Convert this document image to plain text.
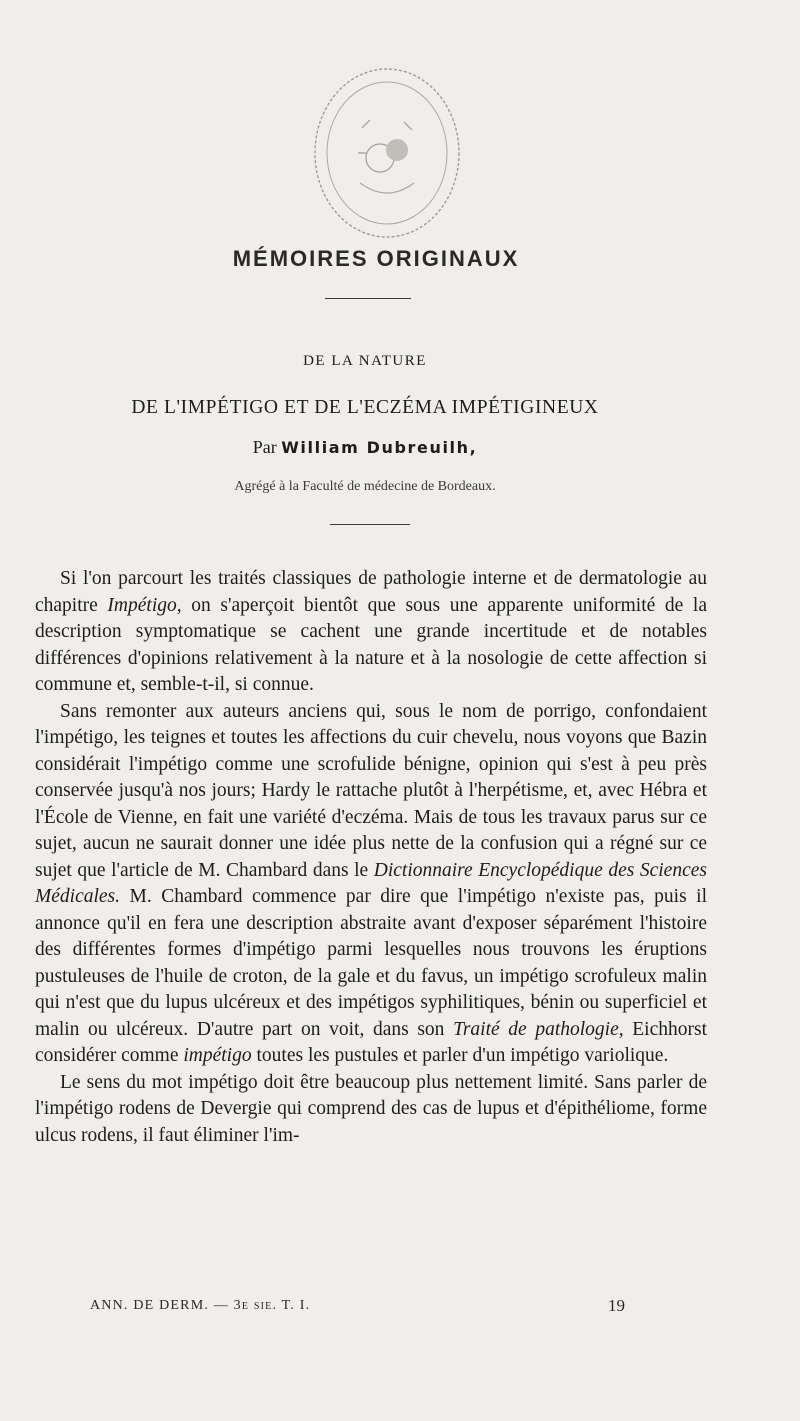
MÉMOIRES ORIGINAUX
DE LA NATURE
DE L'IMPÉTIGO ET DE L'ECZÉMA IMPÉTIGINEUX
Par William Dubreuilh,
Agrégé à la Faculté de médecine de Bordeaux.

Si l'on parcourt les traités classiques de pathologie interne et de dermatologie au chapitre Impétigo, on s'aperçoit bientôt que sous une apparente uniformité de la description symptomatique se cachent une grande incertitude et de notables différences d'opinions relativement à la nature et à la nosologie de cette affection si commune et, semble-t-il, si connue.

Sans remonter aux auteurs anciens qui, sous le nom de porrigo, confondaient l'impétigo, les teignes et toutes les affections du cuir chevelu, nous voyons que Bazin considérait l'impétigo comme une scrofulide bénigne, opinion qui s'est à peu près conservée jusqu'à nos jours; Hardy le rattache plutôt à l'herpétisme, et, avec Hébra et l'École de Vienne, en fait une variété d'eczéma. Mais de tous les travaux parus sur ce sujet, aucun ne saurait donner une idée plus nette de la confusion qui a régné sur ce sujet que l'article de M. Chambard dans le Dictionnaire Encyclopédique des Sciences Médicales. M. Chambard commence par dire que l'impétigo n'existe pas, puis il annonce qu'il en fera une description abstraite avant d'exposer séparément l'histoire des différentes formes d'impétigo parmi lesquelles nous trouvons les éruptions pustuleuses de l'huile de croton, de la gale et du favus, un impétigo scrofuleux malin qui n'est que du lupus ulcéreux et des impétigos syphilitiques, bénin ou superficiel et malin ou ulcéreux. D'autre part on voit, dans son Traité de pathologie, Eichhorst considérer comme impétigo toutes les pustules et parler d'un impétigo variolique.

Le sens du mot impétigo doit être beaucoup plus nettement limité. Sans parler de l'impétigo rodens de Devergie qui comprend des cas de lupus et d'épithéliome, forme ulcus rodens, il faut éliminer l'im-

ANN. DE DERM. — 3e sie. T. I.	19
